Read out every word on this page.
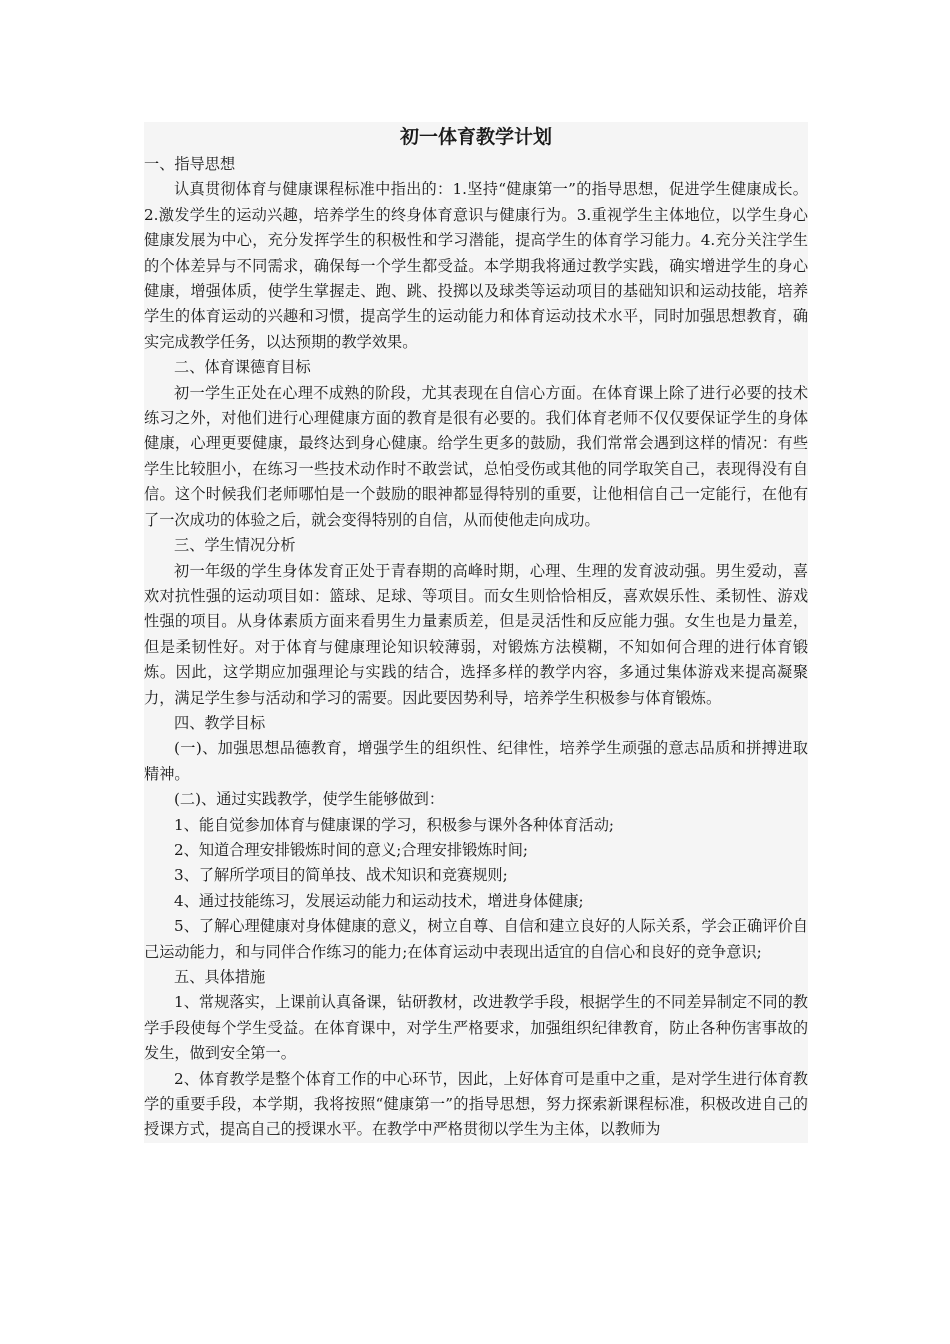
初一体育教学计划

一、指导思想

认真贯彻体育与健康课程标准中指出的：1.坚持“健康第一”的指导思想，促进学生健康成长。2.激发学生的运动兴趣，培养学生的终身体育意识与健康行为。3.重视学生主体地位，以学生身心健康发展为中心，充分发挥学生的积极性和学习潜能，提高学生的体育学习能力。4.充分关注学生的个体差异与不同需求，确保每一个学生都受益。本学期我将通过教学实践，确实增进学生的身心健康，增强体质，使学生掌握走、跑、跳、投掷以及球类等运动项目的基础知识和运动技能，培养学生的体育运动的兴趣和习惯，提高学生的运动能力和体育运动技术水平，同时加强思想教育，确实完成教学任务，以达预期的教学效果。

二、体育课德育目标

初一学生正处在心理不成熟的阶段，尤其表现在自信心方面。在体育课上除了进行必要的技术练习之外，对他们进行心理健康方面的教育是很有必要的。我们体育老师不仅仅要保证学生的身体健康，心理更要健康，最终达到身心健康。给学生更多的鼓励，我们常常会遇到这样的情况：有些学生比较胆小，在练习一些技术动作时不敢尝试，总怕受伤或其他的同学取笑自己，表现得没有自信。这个时候我们老师哪怕是一个鼓励的眼神都显得特别的重要，让他相信自己一定能行，在他有了一次成功的体验之后，就会变得特别的自信，从而使他走向成功。

三、学生情况分析

初一年级的学生身体发育正处于青春期的高峰时期，心理、生理的发育波动强。男生爱动，喜欢对抗性强的运动项目如：篮球、足球、等项目。而女生则恰恰相反，喜欢娱乐性、柔韧性、游戏性强的项目。从身体素质方面来看男生力量素质差，但是灵活性和反应能力强。女生也是力量差，但是柔韧性好。对于体育与健康理论知识较薄弱，对锻炼方法模糊，不知如何合理的进行体育锻炼。因此，这学期应加强理论与实践的结合，选择多样的教学内容，多通过集体游戏来提高凝聚力，满足学生参与活动和学习的需要。因此要因势利导，培养学生积极参与体育锻炼。

四、教学目标

(一)、加强思想品德教育，增强学生的组织性、纪律性，培养学生顽强的意志品质和拼搏进取精神。

(二)、通过实践教学，使学生能够做到：

1、能自觉参加体育与健康课的学习，积极参与课外各种体育活动;

2、知道合理安排锻炼时间的意义;合理安排锻炼时间;

3、了解所学项目的简单技、战术知识和竞赛规则;

4、通过技能练习，发展运动能力和运动技术，增进身体健康;

5、了解心理健康对身体健康的意义，树立自尊、自信和建立良好的人际关系，学会正确评价自己运动能力，和与同伴合作练习的能力;在体育运动中表现出适宜的自信心和良好的竞争意识;

五、具体措施

1、常规落实，上课前认真备课，钻研教材，改进教学手段，根据学生的不同差异制定不同的教学手段使每个学生受益。在体育课中，对学生严格要求，加强组织纪律教育，防止各种伤害事故的发生，做到安全第一。

2、体育教学是整个体育工作的中心环节，因此，上好体育可是重中之重，是对学生进行体育教学的重要手段，本学期，我将按照“健康第一”的指导思想，努力探索新课程标准，积极改进自己的授课方式，提高自己的授课水平。在教学中严格贯彻以学生为主体，以教师为
